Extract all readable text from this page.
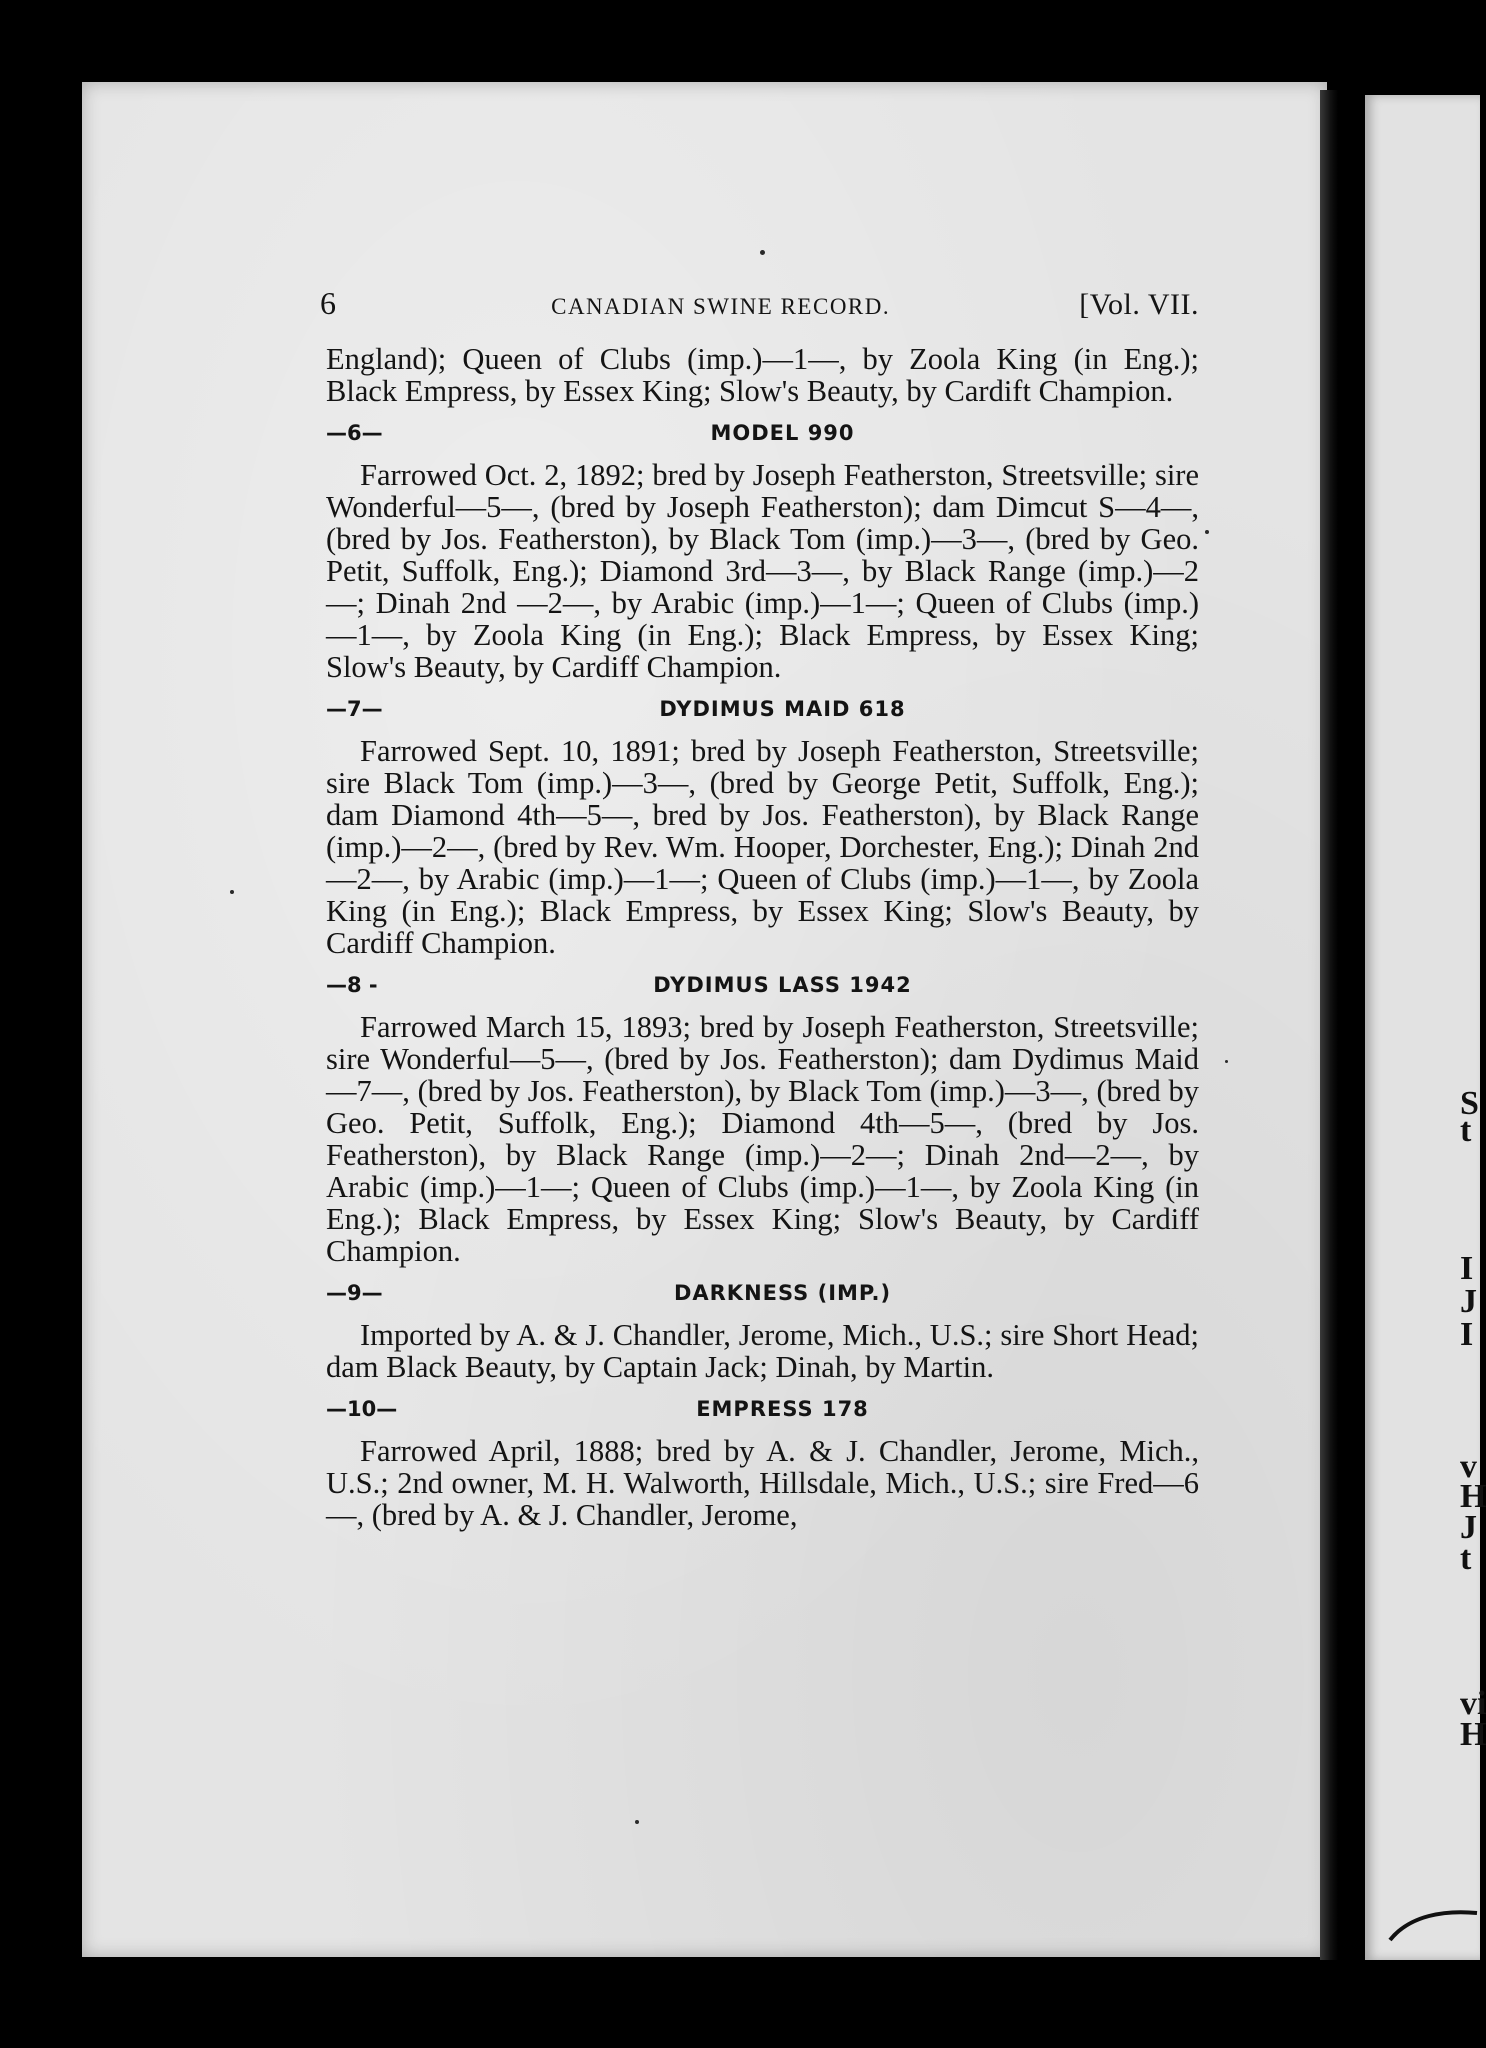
S
t
I
J
I
v
H
J
t
vi
H
6	CANADIAN SWINE RECORD.	[Vol. VII.

England); Queen of Clubs (imp.)—1—, by Zoola King (in Eng.); Black Empress, by Essex King; Slow's Beauty, by Cardift Champion.

—6—	MODEL 990

Farrowed Oct. 2, 1892; bred by Joseph Featherston, Streetsville; sire Wonderful—5—, (bred by Joseph Featherston); dam Dimcut S—4—, (bred by Jos. Featherston), by Black Tom (imp.)—3—, (bred by Geo. Petit, Suffolk, Eng.); Diamond 3rd—3—, by Black Range (imp.)—2—; Dinah 2nd —2—, by Arabic (imp.)—1—; Queen of Clubs (imp.)—1—, by Zoola King (in Eng.); Black Empress, by Essex King; Slow's Beauty, by Cardiff Champion.

—7—	DYDIMUS MAID 618

Farrowed Sept. 10, 1891; bred by Joseph Featherston, Streetsville; sire Black Tom (imp.)—3—, (bred by George Petit, Suffolk, Eng.); dam Diamond 4th—5—, bred by Jos. Featherston), by Black Range (imp.)—2—, (bred by Rev. Wm. Hooper, Dorchester, Eng.); Dinah 2nd—2—, by Arabic (imp.)—1—; Queen of Clubs (imp.)—1—, by Zoola King (in Eng.); Black Empress, by Essex King; Slow's Beauty, by Cardiff Champion.

—8 -	DYDIMUS LASS 1942

Farrowed March 15, 1893; bred by Joseph Featherston, Streetsville; sire Wonderful—5—, (bred by Jos. Featherston); dam Dydimus Maid—7—, (bred by Jos. Featherston), by Black Tom (imp.)—3—, (bred by Geo. Petit, Suffolk, Eng.); Diamond 4th—5—, (bred by Jos. Featherston), by Black Range (imp.)—2—; Dinah 2nd—2—, by Arabic (imp.)—1—; Queen of Clubs (imp.)—1—, by Zoola King (in Eng.); Black Empress, by Essex King; Slow's Beauty, by Cardiff Champion.

—9—	DARKNESS (IMP.)

Imported by A. & J. Chandler, Jerome, Mich., U.S.; sire Short Head; dam Black Beauty, by Captain Jack; Dinah, by Martin.

—10—	EMPRESS 178

Farrowed April, 1888; bred by A. & J. Chandler, Jerome, Mich., U.S.; 2nd owner, M. H. Walworth, Hillsdale, Mich., U.S.; sire Fred—6—, (bred by A. & J. Chandler, Jerome,
